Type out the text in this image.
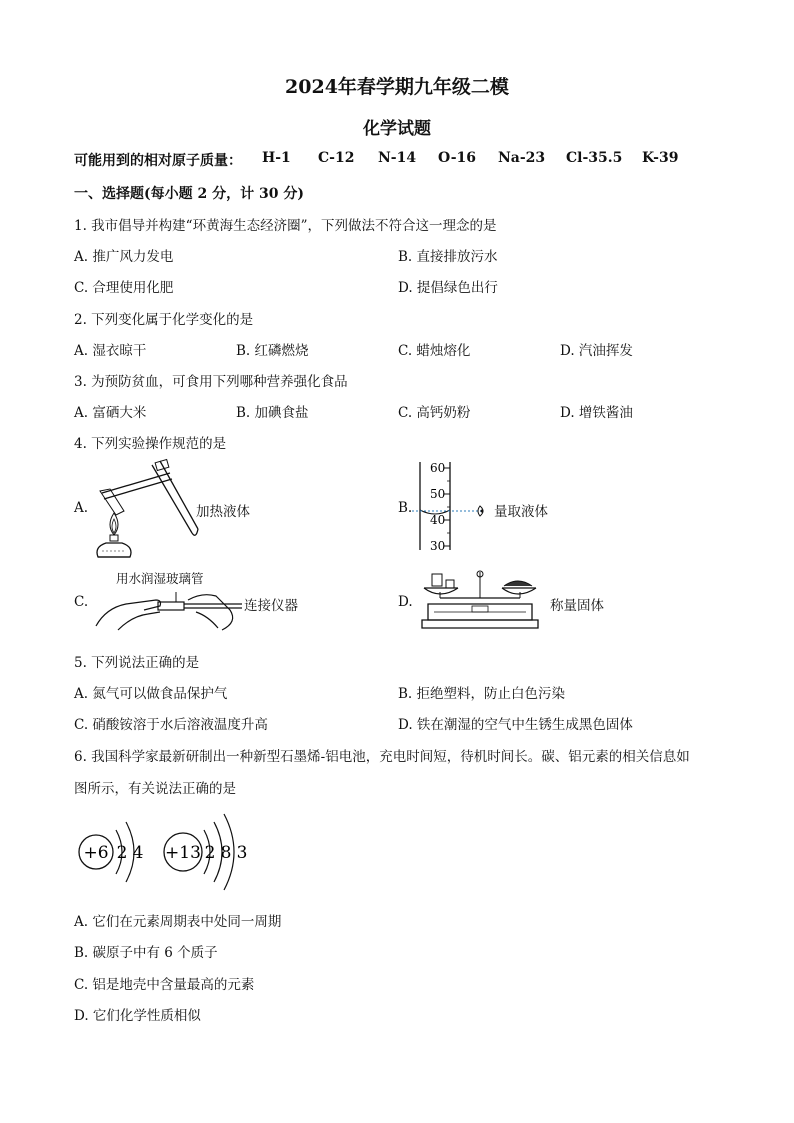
2024年春学期九年级二模
化学试题
可能用到的相对原子质量： H-1 C-12 N-14 O-16 Na-23 Cl-35.5 K-39
一、选择题(每小题 2 分，计 30 分)
1. 我市倡导并构建“环黄海生态经济圈”，下列做法不符合这一理念的是
A. 推广风力发电	B. 直接排放污水
C. 合理使用化肥	D. 提倡绿色出行
2. 下列变化属于化学变化的是
A. 湿衣晾干	B. 红磷燃烧	C. 蜡烛熔化	D. 汽油挥发
3. 为预防贫血，可食用下列哪种营养强化食品
A. 富硒大米	B. 加碘食盐	C. 高钙奶粉	D. 增铁酱油
4. 下列实验操作规范的是
A.	加热液体	B.
60
50
40
30
量取液体
用水润湿玻璃管
C.	连接仪器	D.	称量固体
5. 下列说法正确的是
A. 氮气可以做食品保护气	B. 拒绝塑料，防止白色污染
C. 硝酸铵溶于水后溶液温度升高	D. 铁在潮湿的空气中生锈生成黑色固体
6. 我国科学家最新研制出一种新型石墨烯-铝电池，充电时间短，待机时间长。碳、铝元素的相关信息如
图所示，有关说法正确的是
+6 2 4 +13 2 8 3
A. 它们在元素周期表中处同一周期
B. 碳原子中有 6 个质子
C. 铝是地壳中含量最高的元素
D. 它们化学性质相似
